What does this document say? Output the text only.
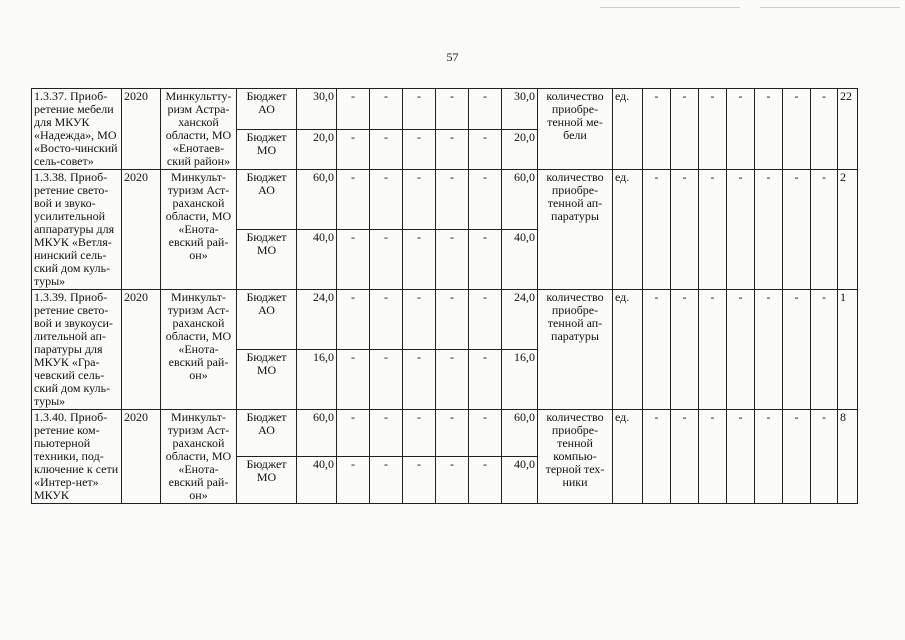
57
1.3.37. Приоб-ретение мебели для МКУК «Надежда», МО «Восто-чинский сель-совет»	2020	Минкультту-ризм Астра-ханской области, МО «Енотаев-ский район»	Бюджет АО	30,0	-	-	-	-	-	30,0	количество приобре-тенной ме-бели	ед.	-	-	-	-	-	-	-	22
			Бюджет МО	20,0	-	-	-	-	-	20,0										
1.3.38. Приоб-ретение свето-вой и звуко-усилительной аппаратуры для МКУК «Ветля-нинский сель-ский дом куль-туры»	2020	Минкульт-туризм Аст-раханской области, МО «Енота-евский рай-он»	Бюджет АО	60,0	-	-	-	-	-	60,0	количество приобре-тенной ап-паратуры	ед.	-	-	-	-	-	-	-	2
			Бюджет МО	40,0	-	-	-	-	-	40,0										
1.3.39. Приоб-ретение свето-вой и звукоуси-лительной ап-паратуры для МКУК «Гра-чевский сель-ский дом куль-туры»	2020	Минкульт-туризм Аст-раханской области, МО «Енота-евский рай-он»	Бюджет АО	24,0	-	-	-	-	-	24,0	количество приобре-тенной ап-паратуры	ед.	-	-	-	-	-	-	-	1
			Бюджет МО	16,0	-	-	-	-	-	16,0										
1.3.40. Приоб-ретение ком-пьютерной техники, под-ключение к сети «Интер-нет» МКУК	2020	Минкульт-туризм Аст-раханской области, МО «Енота-евский рай-он»	Бюджет АО	60,0	-	-	-	-	-	60,0	количество приобре-тенной компью-терной тех-ники	ед.	-	-	-	-	-	-	-	8
			Бюджет МО	40,0	-	-	-	-	-	40,0										
